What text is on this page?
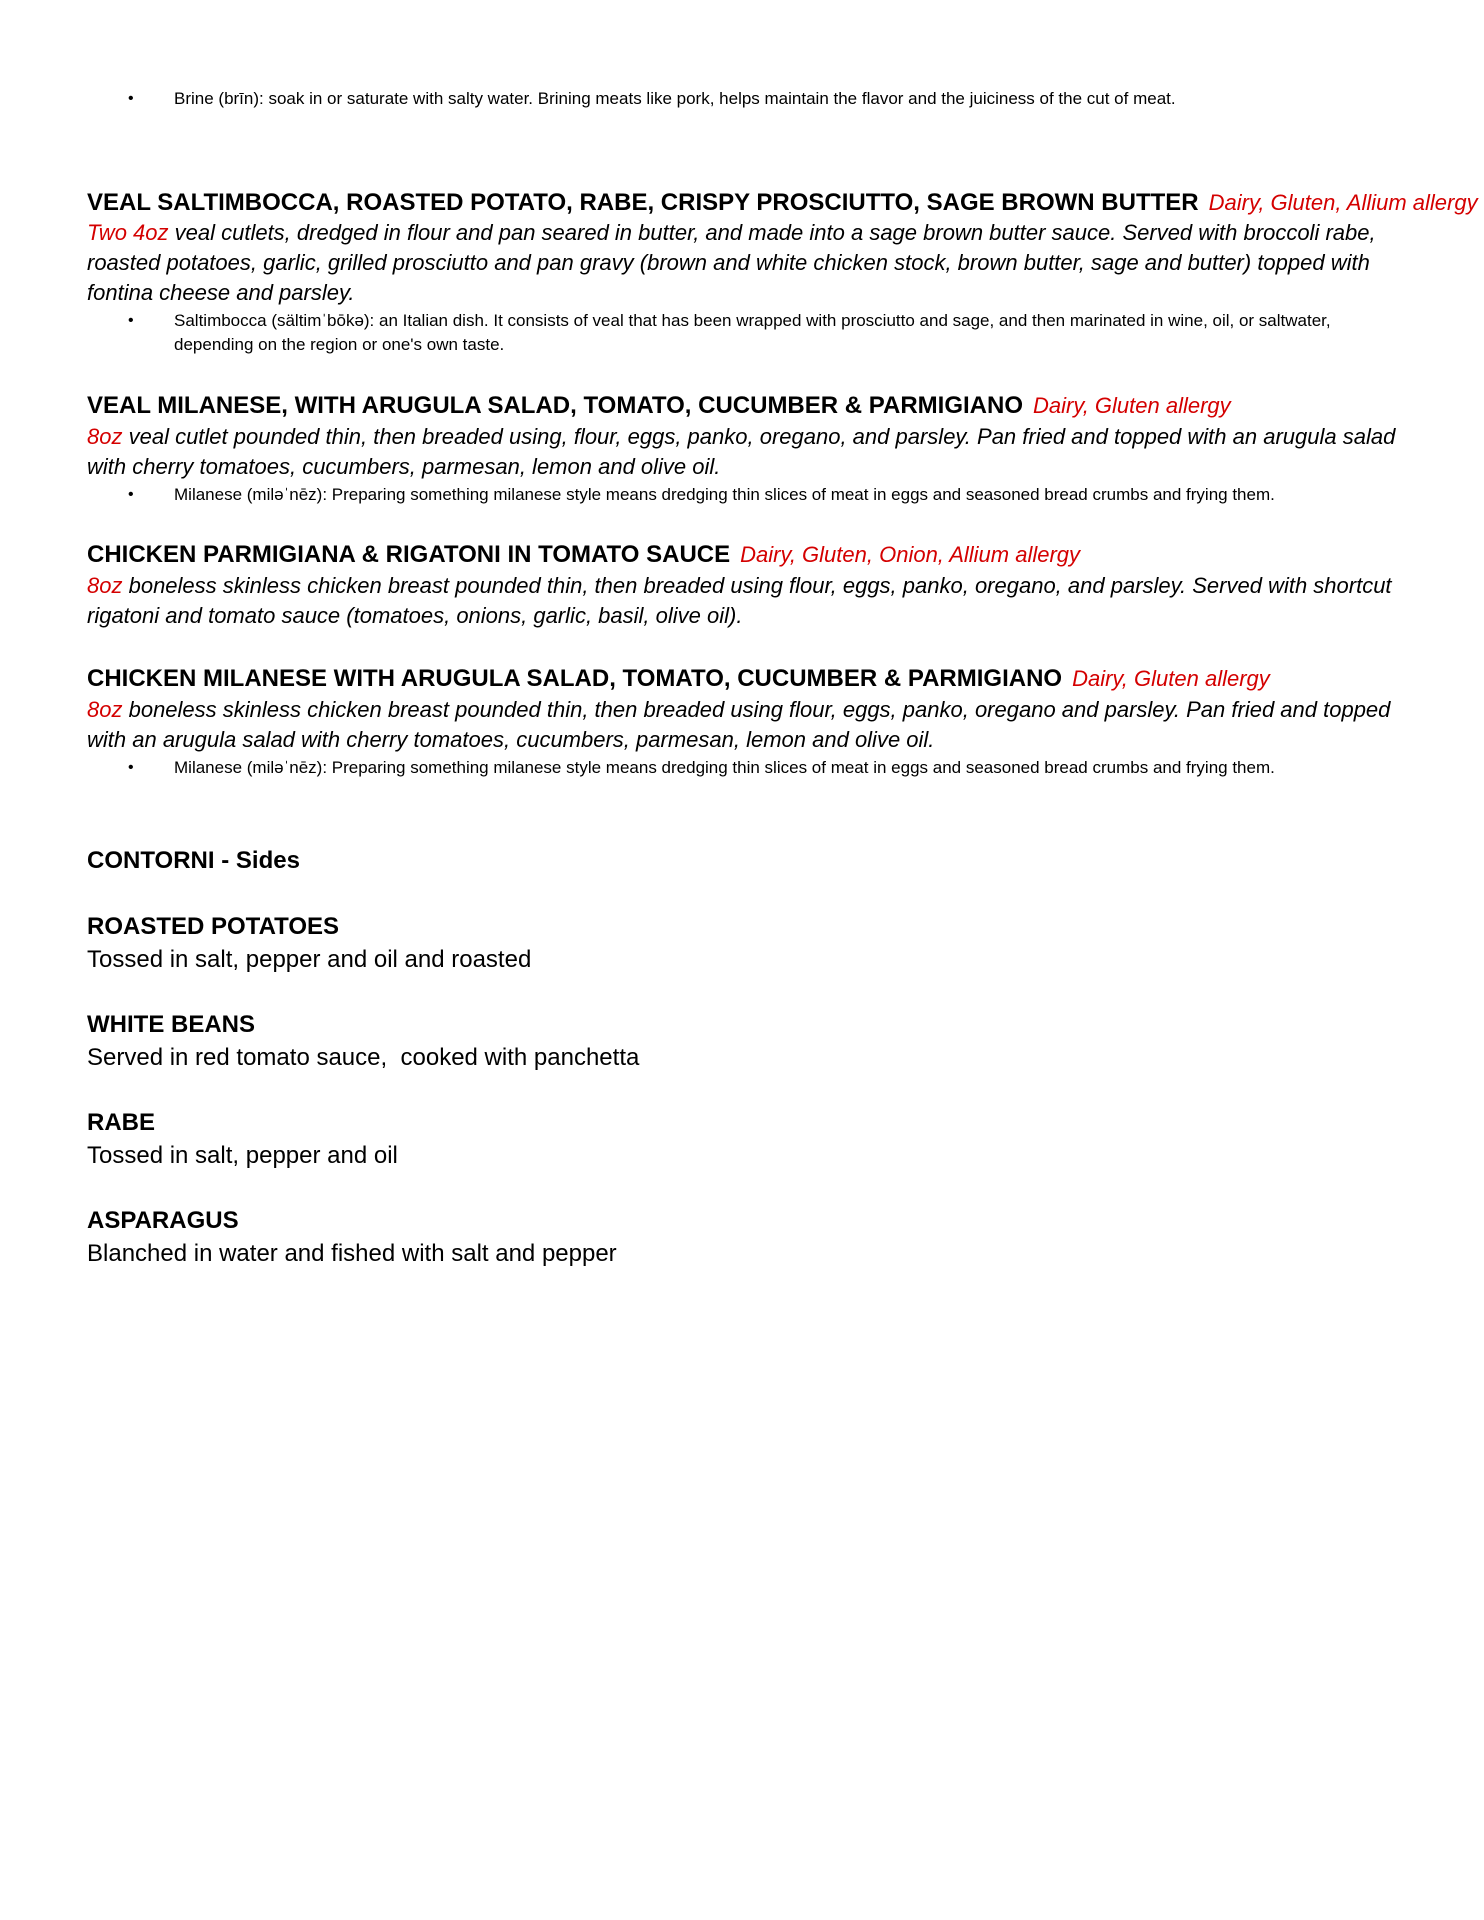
• Brine (brīn): soak in or saturate with salty water. Brining meats like pork, helps maintain the flavor and the juiciness of the cut of meat.
VEAL SALTIMBOCCA, ROASTED POTATO, RABE, CRISPY PROSCIUTTO, SAGE BROWN BUTTER Dairy, Gluten, Allium allergy
Two 4oz veal cutlets, dredged in flour and pan seared in butter, and made into a sage brown butter sauce. Served with broccoli rabe, roasted potatoes, garlic, grilled prosciutto and pan gravy (brown and white chicken stock, brown butter, sage and butter) topped with fontina cheese and parsley.
• Saltimbocca (sältimˈbōkə): an Italian dish. It consists of veal that has been wrapped with prosciutto and sage, and then marinated in wine, oil, or saltwater, depending on the region or one's own taste.
VEAL MILANESE, WITH ARUGULA SALAD, TOMATO, CUCUMBER & PARMIGIANO Dairy, Gluten allergy
8oz veal cutlet pounded thin, then breaded using, flour, eggs, panko, oregano, and parsley. Pan fried and topped with an arugula salad with cherry tomatoes, cucumbers, parmesan, lemon and olive oil.
• Milanese (miləˈnēz): Preparing something milanese style means dredging thin slices of meat in eggs and seasoned bread crumbs and frying them.
CHICKEN PARMIGIANA & RIGATONI IN TOMATO SAUCE Dairy, Gluten, Onion, Allium allergy
8oz boneless skinless chicken breast pounded thin, then breaded using flour, eggs, panko, oregano, and parsley. Served with shortcut rigatoni and tomato sauce (tomatoes, onions, garlic, basil, olive oil).
CHICKEN MILANESE WITH ARUGULA SALAD, TOMATO, CUCUMBER & PARMIGIANO Dairy, Gluten allergy
8oz boneless skinless chicken breast pounded thin, then breaded using flour, eggs, panko, oregano and parsley. Pan fried and topped with an arugula salad with cherry tomatoes, cucumbers, parmesan, lemon and olive oil.
• Milanese (miləˈnēz): Preparing something milanese style means dredging thin slices of meat in eggs and seasoned bread crumbs and frying them.
CONTORNI - Sides
ROASTED POTATOES
Tossed in salt, pepper and oil and roasted
WHITE BEANS
Served in red tomato sauce,  cooked with panchetta
RABE
Tossed in salt, pepper and oil
ASPARAGUS
Blanched in water and fished with salt and pepper
